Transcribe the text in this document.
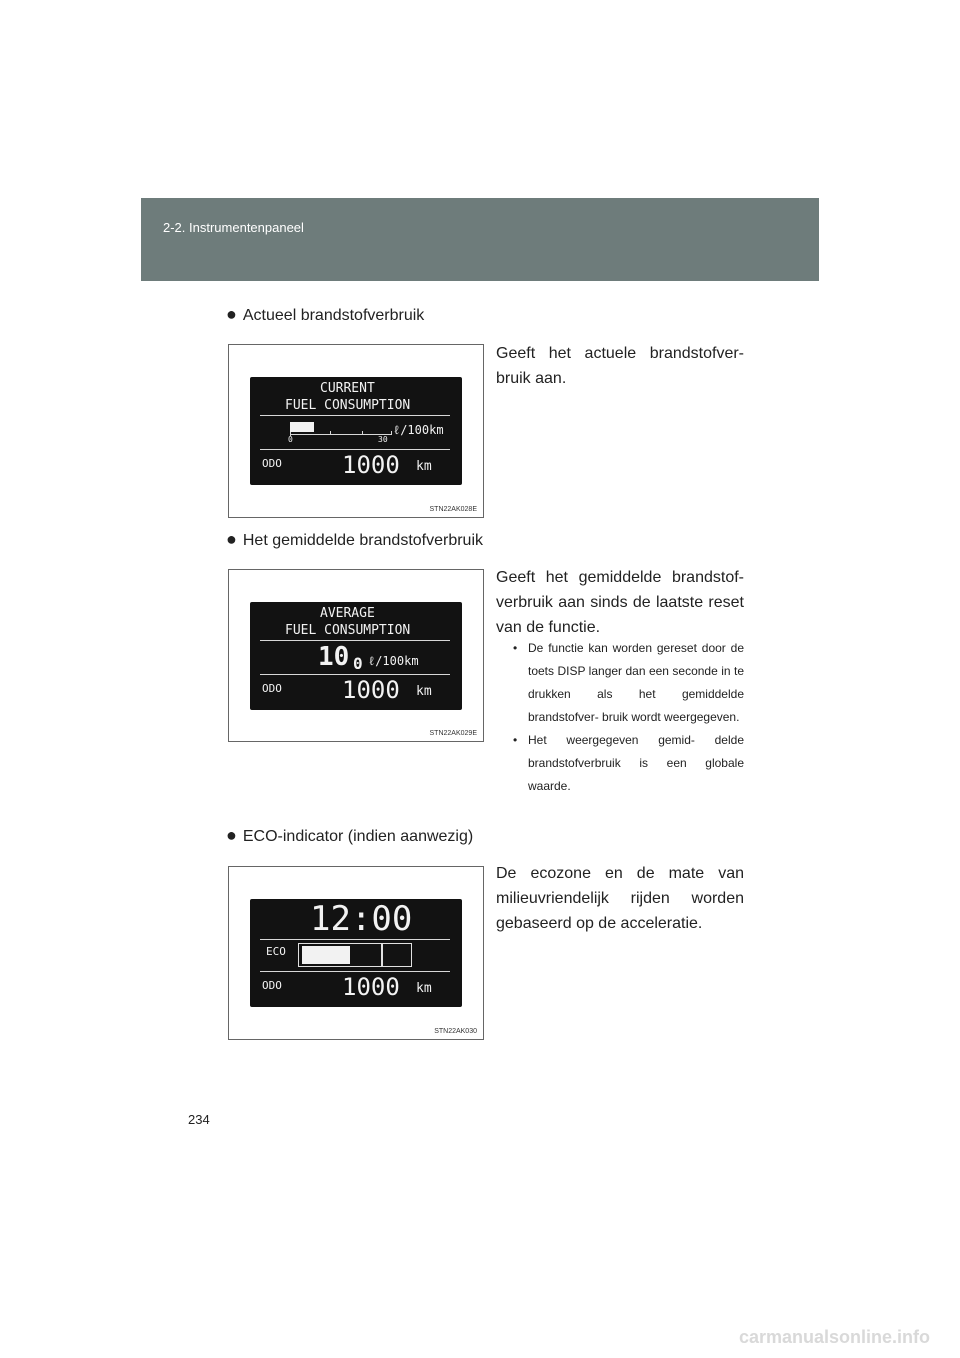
2-2. Instrumentenpaneel
● Actueel brandstofverbruik
CURRENT
FUEL CONSUMPTION
0	30
ℓ/100km
ODO	1000 km
STN22AK028E
Geeft het actuele brandstofver- bruik aan.
● Het gemiddelde brandstofverbruik
AVERAGE
FUEL CONSUMPTION
10 0 ℓ/100km
ODO	1000 km
STN22AK029E
Geeft het gemiddelde brandstof- verbruik aan sinds de laatste reset van de functie.
• De functie kan worden gereset door de toets DISP langer dan een seconde in te drukken als het gemiddelde brandstofver- bruik wordt weergegeven.
• Het weergegeven gemid- delde brandstofverbruik is een globale waarde.
● ECO-indicator (indien aanwezig)
12:00
ECO
ODO	1000 km
STN22AK030
De ecozone en de mate van milieuvriendelijk rijden worden gebaseerd op de acceleratie.
234
carmanualsonline.info
